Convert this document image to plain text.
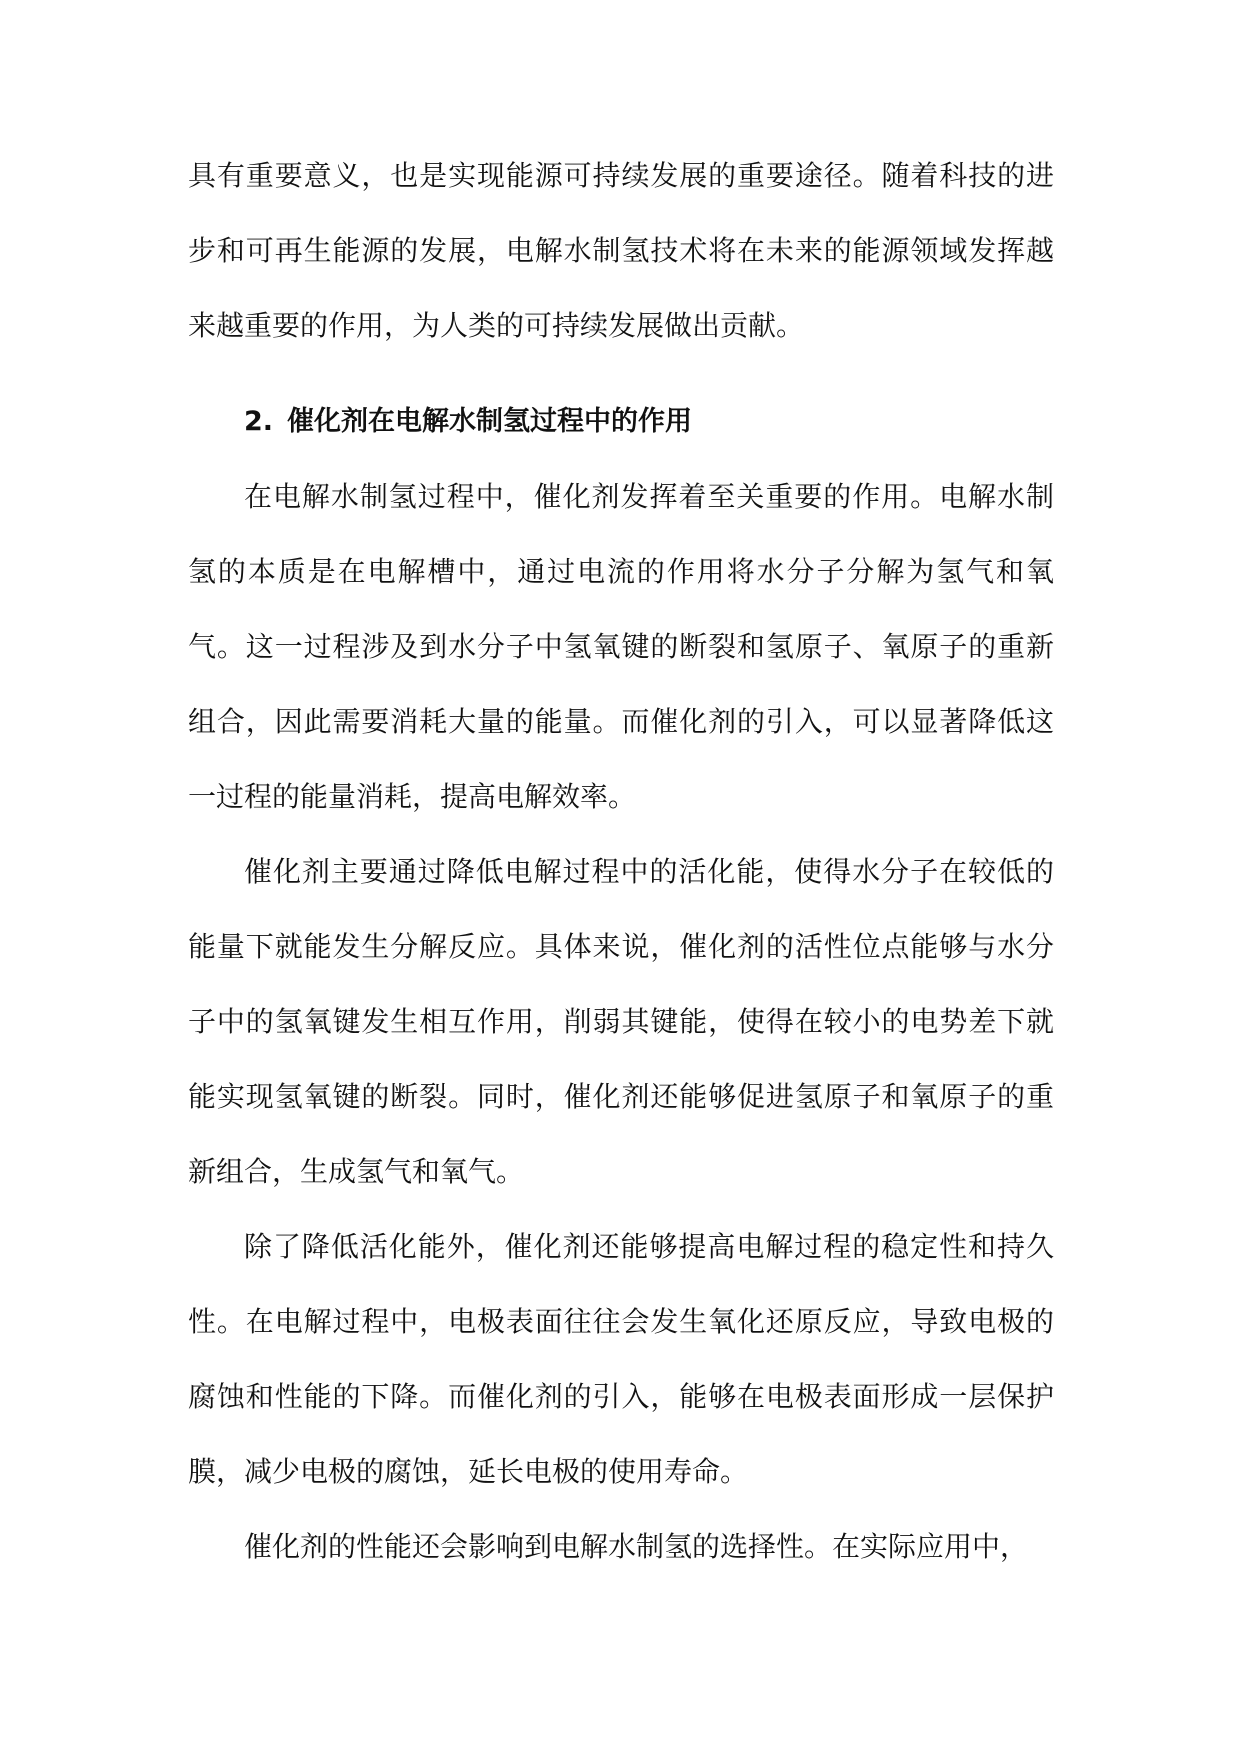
具有重要意义，也是实现能源可持续发展的重要途径。随着科技的进步和可再生能源的发展，电解水制氢技术将在未来的能源领域发挥越来越重要的作用，为人类的可持续发展做出贡献。

2. 催化剂在电解水制氢过程中的作用

在电解水制氢过程中，催化剂发挥着至关重要的作用。电解水制氢的本质是在电解槽中，通过电流的作用将水分子分解为氢气和氧气。这一过程涉及到水分子中氢氧键的断裂和氢原子、氧原子的重新组合，因此需要消耗大量的能量。而催化剂的引入，可以显著降低这一过程的能量消耗，提高电解效率。

催化剂主要通过降低电解过程中的活化能，使得水分子在较低的能量下就能发生分解反应。具体来说，催化剂的活性位点能够与水分子中的氢氧键发生相互作用，削弱其键能，使得在较小的电势差下就能实现氢氧键的断裂。同时，催化剂还能够促进氢原子和氧原子的重新组合，生成氢气和氧气。

除了降低活化能外，催化剂还能够提高电解过程的稳定性和持久性。在电解过程中，电极表面往往会发生氧化还原反应，导致电极的腐蚀和性能的下降。而催化剂的引入，能够在电极表面形成一层保护膜，减少电极的腐蚀，延长电极的使用寿命。

催化剂的性能还会影响到电解水制氢的选择性。在实际应用中，
